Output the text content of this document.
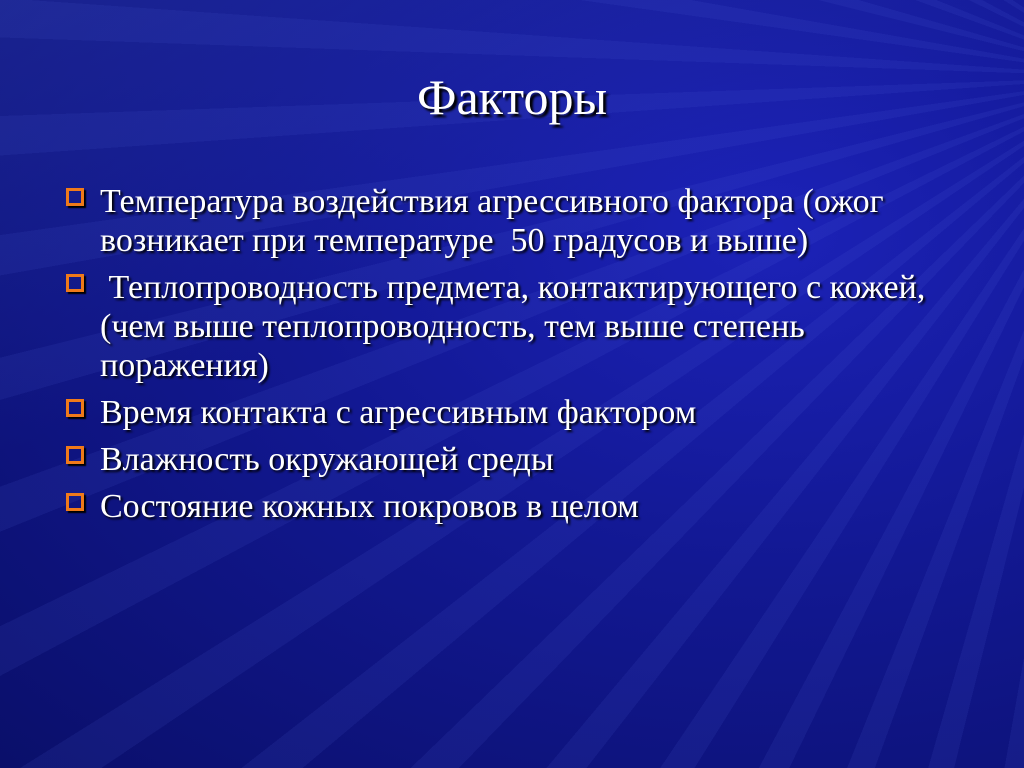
Факторы
Температура воздействия агрессивного фактора (ожог возникает при температуре  50 градусов и выше)
Теплопроводность предмета, контактирующего с кожей, (чем выше теплопроводность, тем выше степень поражения)
Время контакта с агрессивным фактором
Влажность окружающей среды
Состояние кожных покровов в целом
